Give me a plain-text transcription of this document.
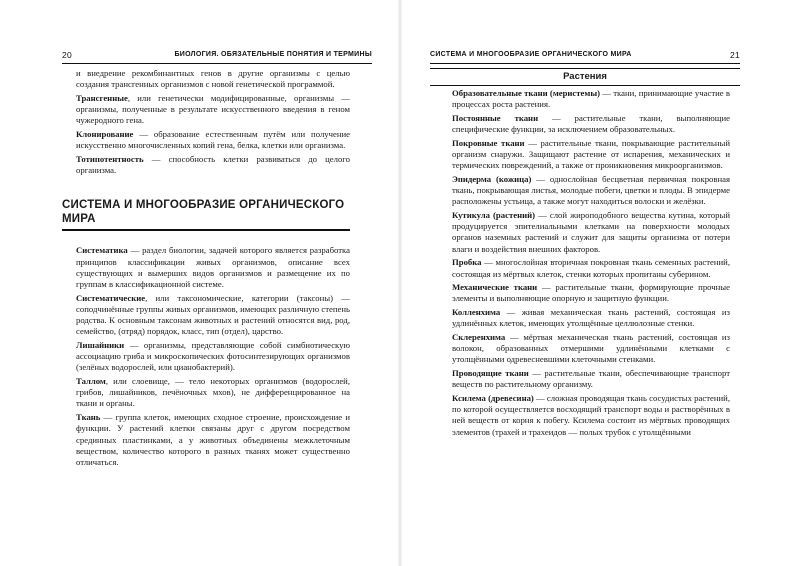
20	БИОЛОГИЯ. ОБЯЗАТЕЛЬНЫЕ ПОНЯТИЯ И ТЕРМИНЫ

и внедрение рекомбинантных генов в другие организмы с целью создания трансгенных организмов с новой генетической программой.

Трансгенные, или генетически модифицированные, организмы — организмы, полученные в результате искусственного введения в геном чужеродного гена.

Клонирование — образование естественным путём или получение искусственно многочисленных копий гена, белка, клетки или организма.

Тотипотентность — способность клетки развиваться до целого организма.

СИСТЕМА И МНОГООБРАЗИЕ ОРГАНИЧЕСКОГО МИРА

Систематика — раздел биологии, задачей которого является разработка принципов классификации живых организмов, описание всех существующих и вымерших видов организмов и размещение их по группам в классификационной системе.

Систематические, или таксономические, категории (таксоны) — соподчинённые группы живых организмов, имеющих различную степень родства. К основным таксонам животных и растений относятся вид, род, семейство, (отряд) порядок, класс, тип (отдел), царство.

Лишайники — организмы, представляющие собой симбиотическую ассоциацию гриба и микроскопических фотосинтезирующих организмов (зелёных водорослей, или цианобактерий).

Таллом, или слоевище, — тело некоторых организмов (водорослей, грибов, лишайников, печёночных мхов), не дифференцированное на ткани и органы.

Ткань — группа клеток, имеющих сходное строение, происхождение и функции. У растений клетки связаны друг с другом посредством срединных пластинками, а у животных объединены межклеточным веществом, количество которого в разных тканях может существенно отличаться.

СИСТЕМА И МНОГООБРАЗИЕ ОРГАНИЧЕСКОГО МИРА	21
Растения

Образовательные ткани (меристемы) — ткани, принимающие участие в процессах роста растения.

Постоянные ткани — растительные ткани, выполняющие специфические функции, за исключением образовательных.

Покровные ткани — растительные ткани, покрывающие растительный организм снаружи. Защищают растение от испарения, механических и термических повреждений, а также от проникновения микроорганизмов.

Эпидерма (кожица) — однослойная бесцветная первичная покровная ткань, покрывающая листья, молодые побеги, цветки и плоды. В эпидерме расположены устьица, а также могут находиться волоски и желёзки.

Кутикула (растений) — слой жироподобного вещества кутина, который продуцируется эпителиальными клетками на поверхности молодых органов наземных растений и служит для защиты организма от потери влаги и воздействия внешних факторов.

Пробка — многослойная вторичная покровная ткань семенных растений, состоящая из мёртвых клеток, стенки которых пропитаны суберином.

Механические ткани — растительные ткани, формирующие прочные элементы и выполняющие опорную и защитную функции.

Колленхима — живая механическая ткань растений, состоящая из удлинённых клеток, имеющих утолщённые целлюлозные стенки.

Склеренхима — мёртвая механическая ткань растений, состоящая из волокон, образованных отмершими удлинёнными клетками с утолщёнными одревесневшими клеточными стенками.

Проводящие ткани — растительные ткани, обеспечивающие транспорт веществ по растительному организму.

Ксилема (древесина) — сложная проводящая ткань сосудистых растений, по которой осуществляется восходящий транспорт воды и растворённых в ней веществ от корня к побегу. Ксилема состоит из мёртвых проводящих элементов (трахей и трахеидов — полых трубок с утолщёнными
